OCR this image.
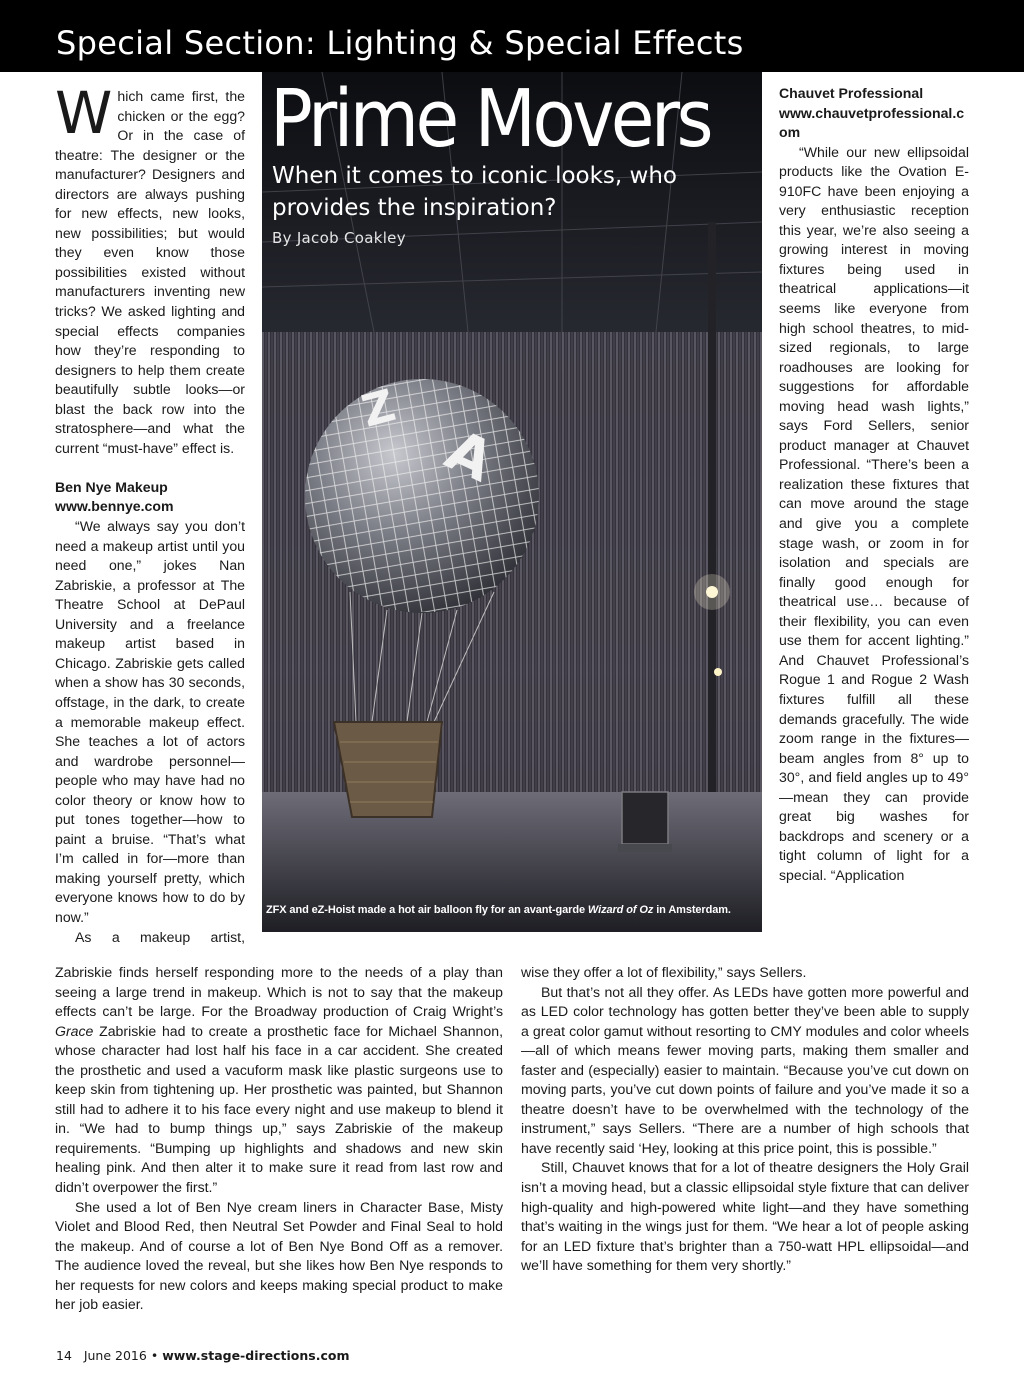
Special Section: Lighting & Special Effects
Z
A
Prime Movers
When it comes to iconic looks, who provides the inspiration?
By Jacob Coakley
ZFX and eZ-Hoist made a hot air balloon fly for an avant-garde Wizard of Oz in Amsterdam.

Which came first, the chicken or the egg? Or in the case of theatre: The designer or the manufacturer? Designers and directors are always pushing for new effects, new looks, new possibilities; but would they even know those possibilities existed without manufacturers inventing new tricks? We asked lighting and special effects companies how they’re responding to designers to help them create beautifully subtle looks—or blast the back row into the stratosphere—and what the current “must-have” effect is.

Ben Nye Makeup

www.bennye.com

“We always say you don’t need a makeup artist until you need one,” jokes Nan Zabriskie, a professor at The Theatre School at DePaul University and a freelance makeup artist based in Chicago. Zabriskie gets called when a show has 30 seconds, offstage, in the dark, to create a memorable makeup effect. She teaches a lot of actors and wardrobe personnel—people who may have had no color theory or know how to put tones together—how to paint a bruise. “That’s what I’m called in for—more than making yourself pretty, which everyone knows how to do by now.”

As a makeup artist,

Zabriskie finds herself responding more to the needs of a play than seeing a large trend in makeup. Which is not to say that the makeup effects can’t be large. For the Broadway production of Craig Wright’s Grace Zabriskie had to create a prosthetic face for Michael Shannon, whose character had lost half his face in a car accident. She created the prosthetic and used a vacuform mask like plastic surgeons use to keep skin from tightening up. Her prosthetic was painted, but Shannon still had to adhere it to his face every night and use makeup to blend it in. “We had to bump things up,” says Zabriskie of the makeup requirements. “Bumping up highlights and shadows and new skin healing pink. And then alter it to make sure it read from last row and didn’t overpower the first.”

She used a lot of Ben Nye cream liners in Character Base, Misty Violet and Blood Red, then Neutral Set Powder and Final Seal to hold the makeup. And of course a lot of Ben Nye Bond Off as a remover. The audience loved the reveal, but she likes how Ben Nye responds to her requests for new colors and keeps making special product to make her job easier.

Chauvet Professional

www.chauvetprofessional.com

“While our new ellipsoidal products like the Ovation E-910FC have been enjoying a very enthusiastic reception this year, we’re also seeing a growing interest in moving fixtures being used in theatrical applications—it seems like everyone from high school theatres, to mid-sized regionals, to large roadhouses are looking for suggestions for affordable moving head wash lights,” says Ford Sellers, senior product manager at Chauvet Professional. “There’s been a realization these fixtures that can move around the stage and give you a complete stage wash, or zoom in for isolation and specials are finally good enough for theatrical use… because of their flexibility, you can even use them for accent lighting.” And Chauvet Professional’s Rogue 1 and Rogue 2 Wash fixtures fulfill all these demands gracefully. The wide zoom range in the fixtures—beam angles from 8° up to 30°, and field angles up to 49°—mean they can provide great big washes for backdrops and scenery or a tight column of light for a special. “Application

wise they offer a lot of flexibility,” says Sellers.

But that’s not all they offer. As LEDs have gotten more powerful and as LED color technology has gotten better they’ve been able to supply a great color gamut without resorting to CMY modules and color wheels—all of which means fewer moving parts, making them smaller and faster and (especially) easier to maintain. “Because you’ve cut down on moving parts, you’ve cut down points of failure and you’ve made it so a theatre doesn’t have to be overwhelmed with the technology of the instrument,” says Sellers. “There are a number of high schools that have recently said ‘Hey, looking at this price point, this is possible.”

Still, Chauvet knows that for a lot of theatre designers the Holy Grail isn’t a moving head, but a classic ellipsoidal style fixture that can deliver high-quality and high-powered white light—and they have something that’s waiting in the wings just for them. “We hear a lot of people asking for an LED fixture that’s brighter than a 750-watt HPL ellipsoidal—and we’ll have something for them very shortly.”

14 June 2016 • www.stage-directions.com
